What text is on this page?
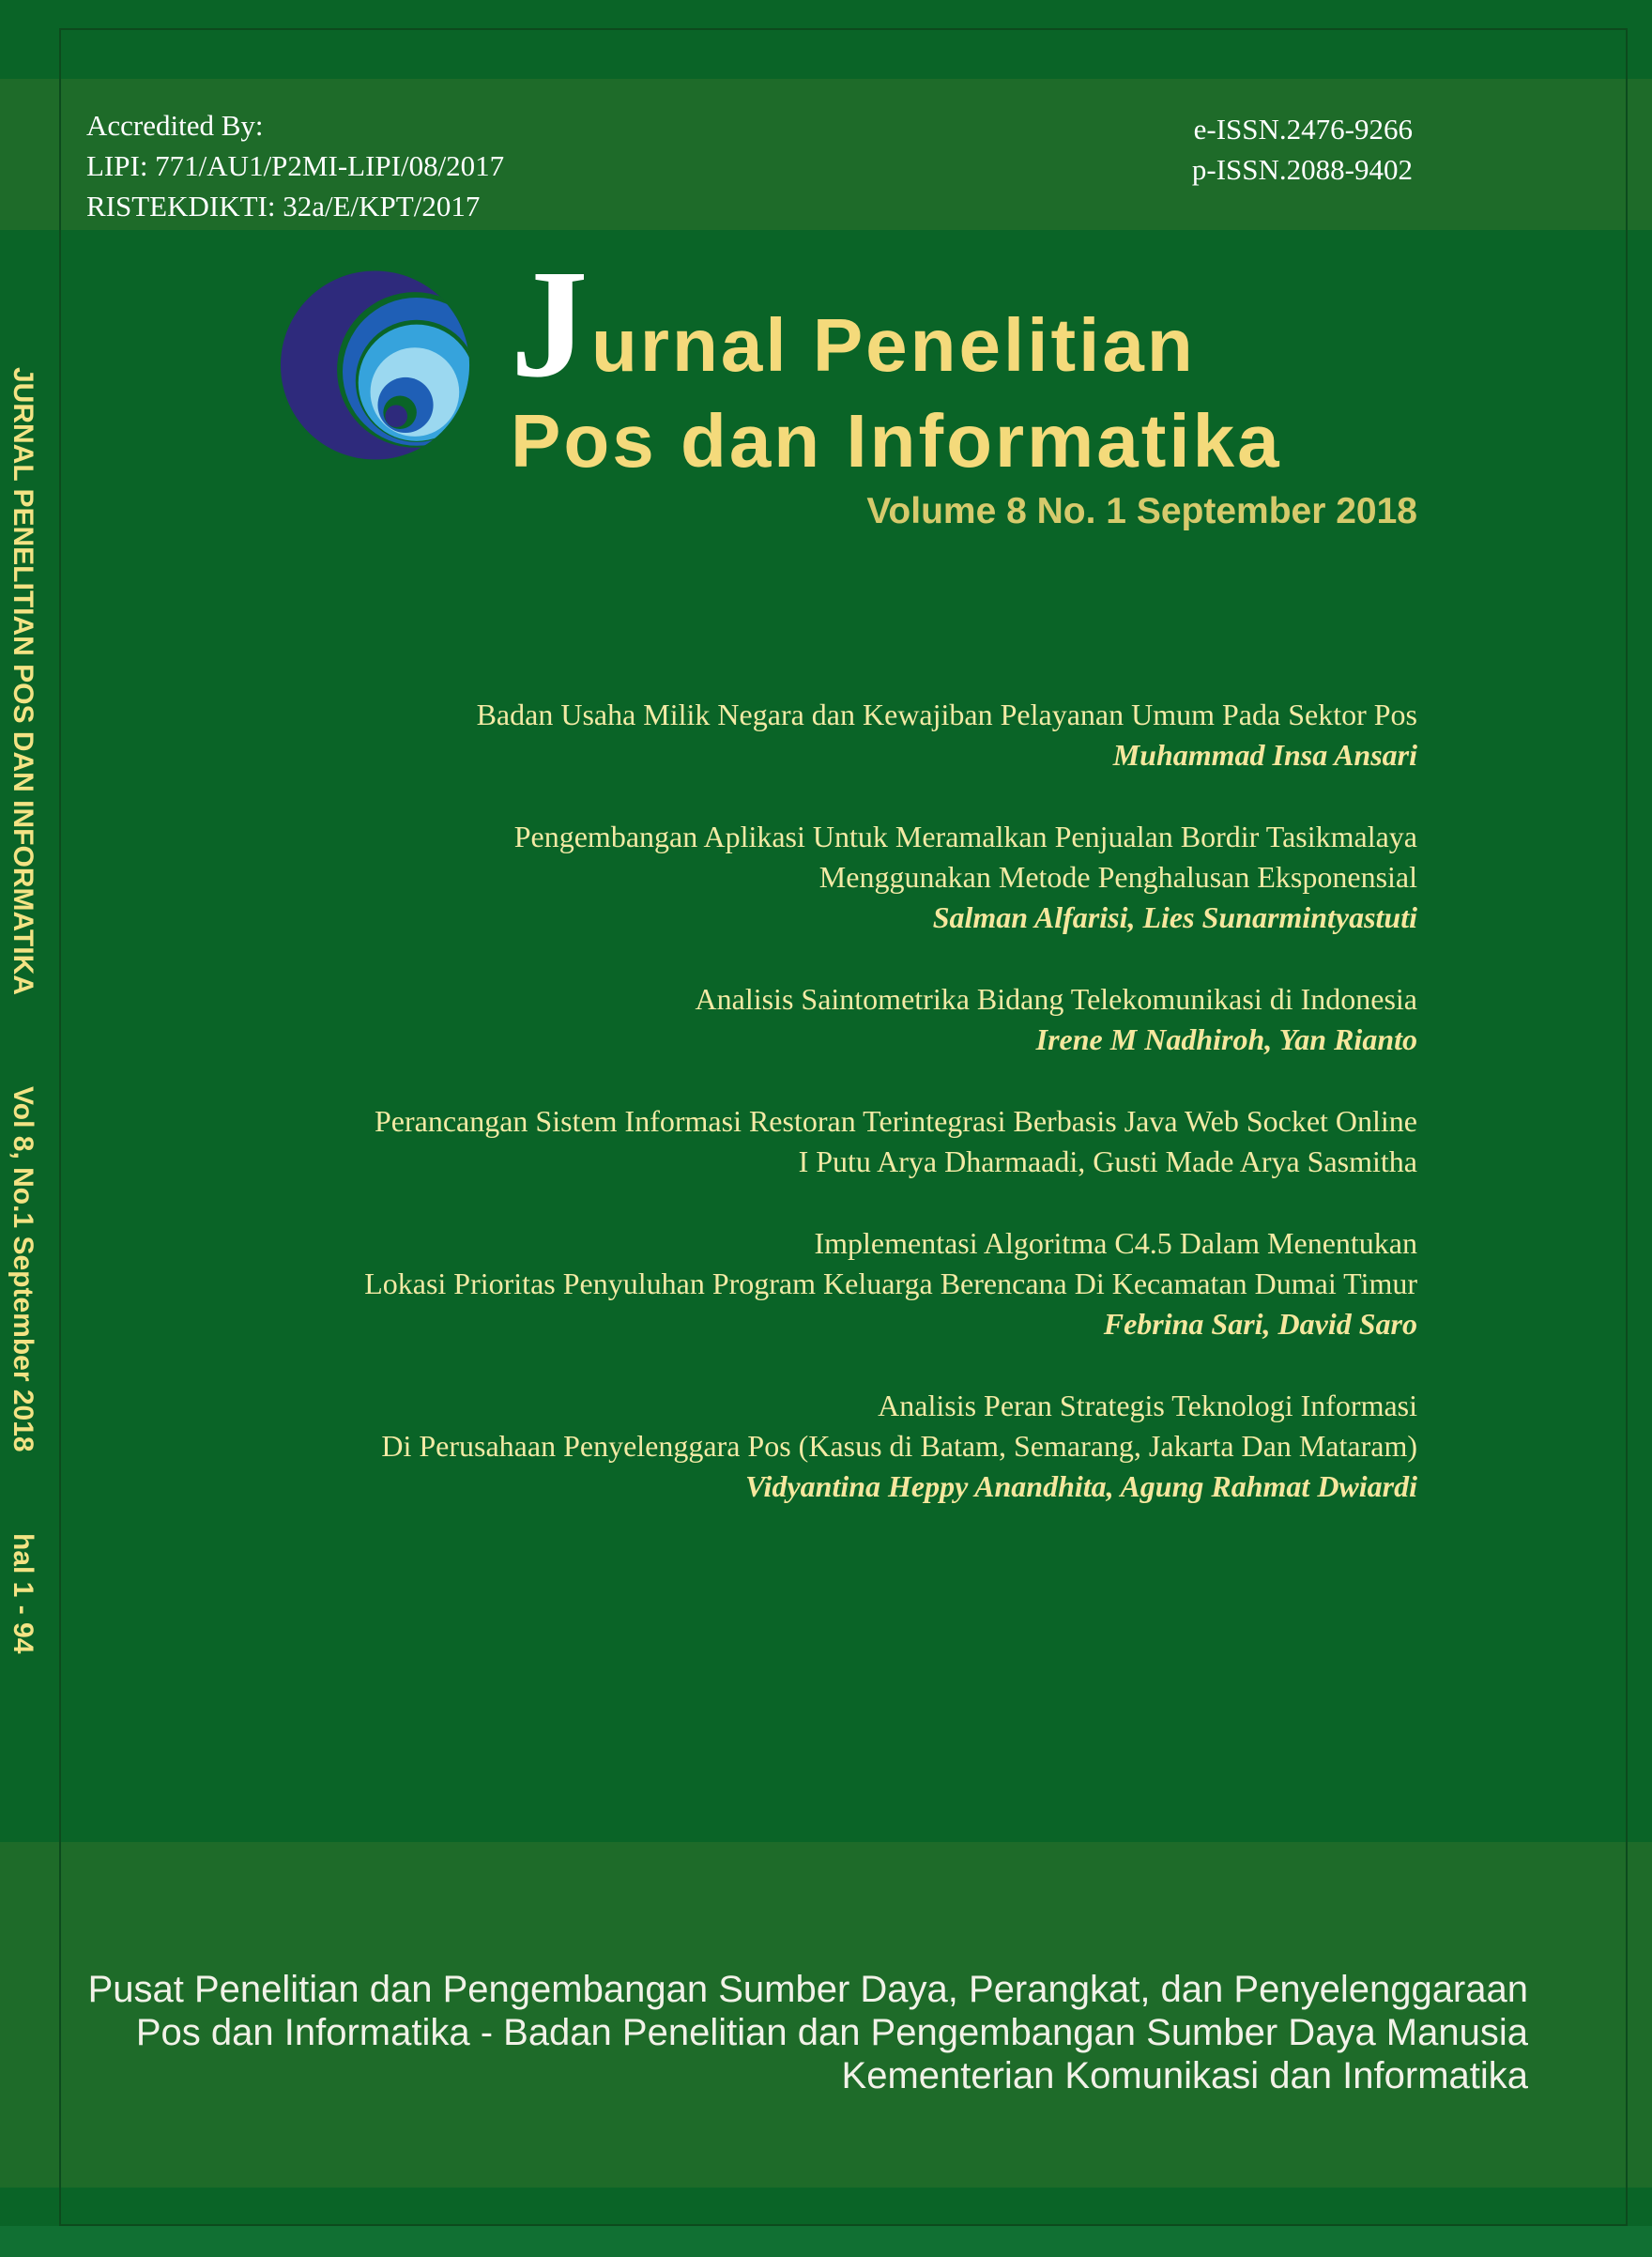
Accredited By:
LIPI: 771/AU1/P2MI-LIPI/08/2017
RISTEKDIKTI: 32a/E/KPT/2017
e-ISSN.2476-9266
p-ISSN.2088-9402
J urnal Penelitian
Pos dan Informatika
Volume 8 No. 1 September 2018
Badan Usaha Milik Negara dan Kewajiban Pelayanan Umum Pada Sektor Pos
Muhammad Insa Ansari
Pengembangan Aplikasi Untuk Meramalkan Penjualan Bordir Tasikmalaya
Menggunakan Metode Penghalusan Eksponensial
Salman Alfarisi, Lies Sunarmintyastuti
Analisis Saintometrika Bidang Telekomunikasi di Indonesia
Irene M Nadhiroh, Yan Rianto
Perancangan Sistem Informasi Restoran Terintegrasi Berbasis Java Web Socket Online
I Putu Arya Dharmaadi, Gusti Made Arya Sasmitha
Implementasi Algoritma C4.5 Dalam Menentukan
Lokasi Prioritas Penyuluhan Program Keluarga Berencana Di Kecamatan Dumai Timur
Febrina Sari, David Saro
Analisis Peran Strategis Teknologi Informasi
Di Perusahaan Penyelenggara Pos (Kasus di Batam, Semarang, Jakarta Dan Mataram)
Vidyantina Heppy Anandhita, Agung Rahmat Dwiardi
JURNAL PENELITIAN POS DAN INFORMATIKA
Vol 8, No.1 September 2018
hal 1 - 94
Pusat Penelitian dan Pengembangan Sumber Daya, Perangkat, dan Penyelenggaraan
Pos dan Informatika - Badan Penelitian dan Pengembangan Sumber Daya Manusia
Kementerian Komunikasi dan Informatika
